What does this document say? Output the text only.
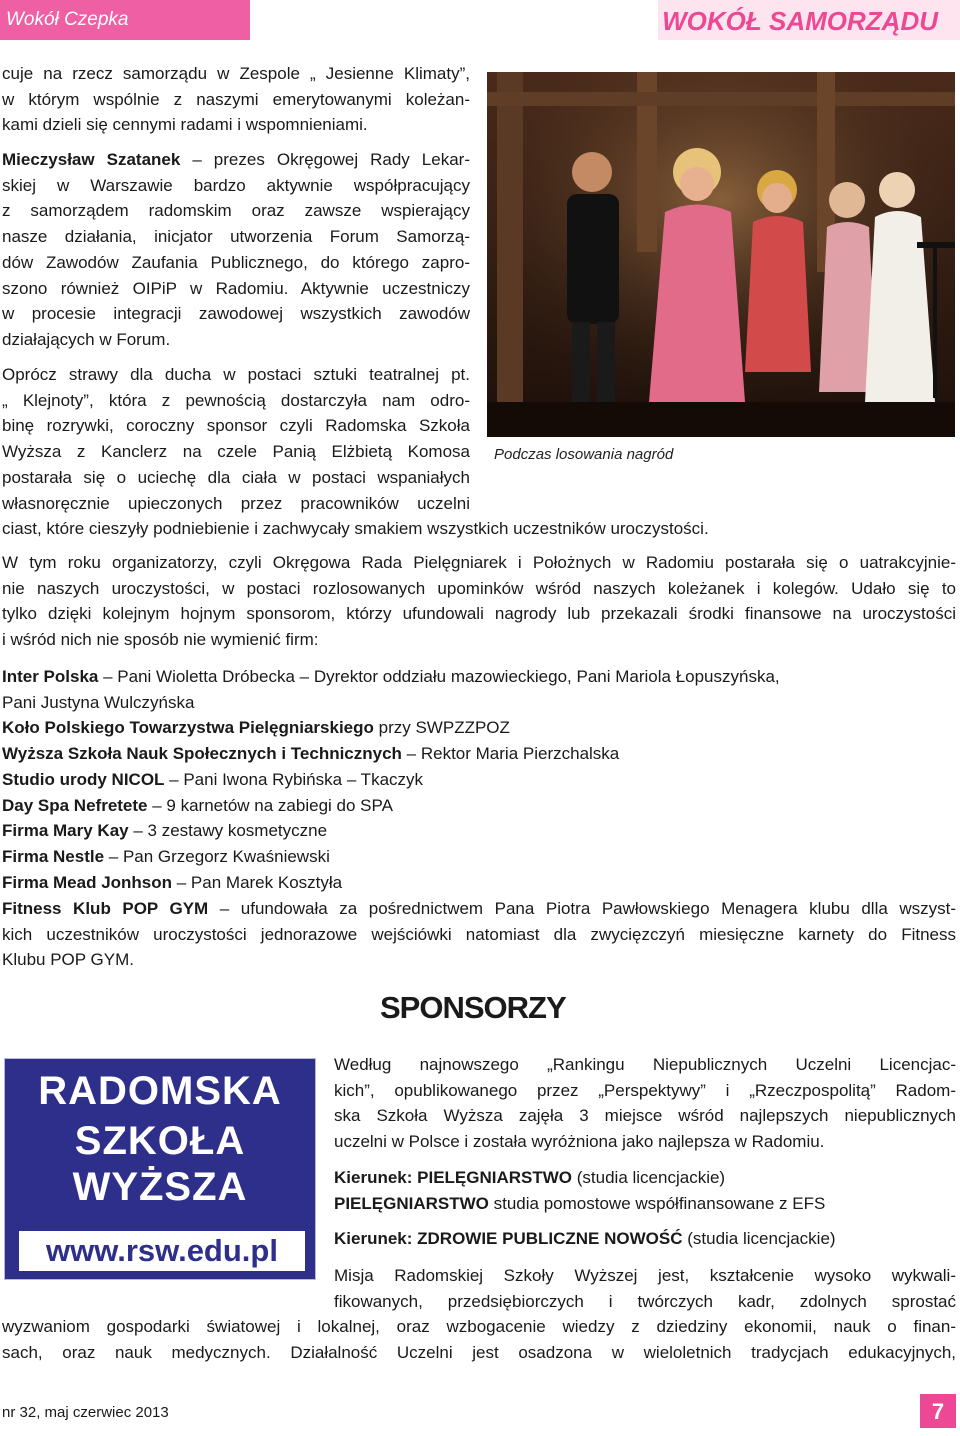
Wokół Czepka	WOKÓŁ SAMORZĄDU
cuje na rzecz samorządu w Zespole „ Jesienne Klimaty”,
w którym wspólnie z naszymi emerytowanymi koleżan-
kami dzieli się cennymi radami i wspomnieniami.
Mieczysław Szatanek – prezes Okręgowej Rady Lekar-
skiej w Warszawie bardzo aktywnie współpracujący
z samorządem radomskim oraz zawsze wspierający
nasze działania, inicjator utworzenia Forum Samorzą-
dów Zawodów Zaufania Publicznego, do którego zapro-
szono również OIPiP w Radomiu. Aktywnie uczestniczy
w procesie integracji zawodowej wszystkich zawodów
działających w Forum.
Oprócz strawy dla ducha w postaci sztuki teatralnej pt.
„ Klejnoty”, która z pewnością dostarczyła nam odro-
binę rozrywki, coroczny sponsor czyli Radomska Szkoła
Wyższa z Kanclerz na czele Panią Elżbietą Komosa
postarała się o uciechę dla ciała w postaci wspaniałych
własnoręcznie upieczonych przez pracowników uczelni
ciast, które cieszyły podniebienie i zachwycały smakiem wszystkich uczestników uroczystości.
Podczas losowania nagród
W tym roku organizatorzy, czyli Okręgowa Rada Pielęgniarek i Położnych w Radomiu postarała się o uatrakcyjnie-
nie naszych uroczystości, w postaci rozlosowanych upominków wśród naszych koleżanek i kolegów. Udało się to
tylko dzięki kolejnym hojnym sponsorom, którzy ufundowali nagrody lub przekazali środki finansowe na uroczystości
i wśród nich nie sposób nie wymienić firm:
Inter Polska – Pani Wioletta Dróbecka – Dyrektor oddziału mazowieckiego, Pani Mariola Łopuszyńska,
Pani Justyna Wulczyńska
Koło Polskiego Towarzystwa Pielęgniarskiego przy SWPZZPOZ
Wyższa Szkoła Nauk Społecznych i Technicznych – Rektor Maria Pierzchalska
Studio urody NICOL – Pani Iwona Rybińska – Tkaczyk
Day Spa Nefretete – 9 karnetów na zabiegi do SPA
Firma Mary Kay – 3 zestawy kosmetyczne
Firma Nestle – Pan Grzegorz Kwaśniewski
Firma Mead Jonhson – Pan Marek Kosztyła
Fitness Klub POP GYM – ufundowała za pośrednictwem Pana Piotra Pawłowskiego Menagera klubu dlla wszyst-
kich uczestników uroczystości jednorazowe wejściówki natomiast dla zwycięzczyń miesięczne karnety do Fitness
Klubu POP GYM.
SPONSORZY
RADOMSKA
SZKOŁA
WYŻSZA
www.rsw.edu.pl
Według najnowszego „Rankingu Niepublicznych Uczelni Licencjac-
kich”, opublikowanego przez „Perspektywy” i „Rzeczpospolitą” Radom-
ska Szkoła Wyższa zajęła 3 miejsce wśród najlepszych niepublicznych
uczelni w Polsce i została wyróżniona jako najlepsza w Radomiu.
Kierunek: PIELĘGNIARSTWO (studia licencjackie)
PIELĘGNIARSTWO studia pomostowe współfinansowane z EFS
Kierunek: ZDROWIE PUBLICZNE NOWOŚĆ (studia licencjackie)
Misja Radomskiej Szkoły Wyższej jest, kształcenie wysoko wykwali-
fikowanych, przedsiębiorczych i twórczych kadr, zdolnych sprostać
wyzwaniom gospodarki światowej i lokalnej, oraz wzbogacenie wiedzy z dziedziny ekonomii, nauk o finan-
sach, oraz nauk medycznych. Działalność Uczelni jest osadzona w wieloletnich tradycjach edukacyjnych,
nr 32, maj czerwiec 2013	7
